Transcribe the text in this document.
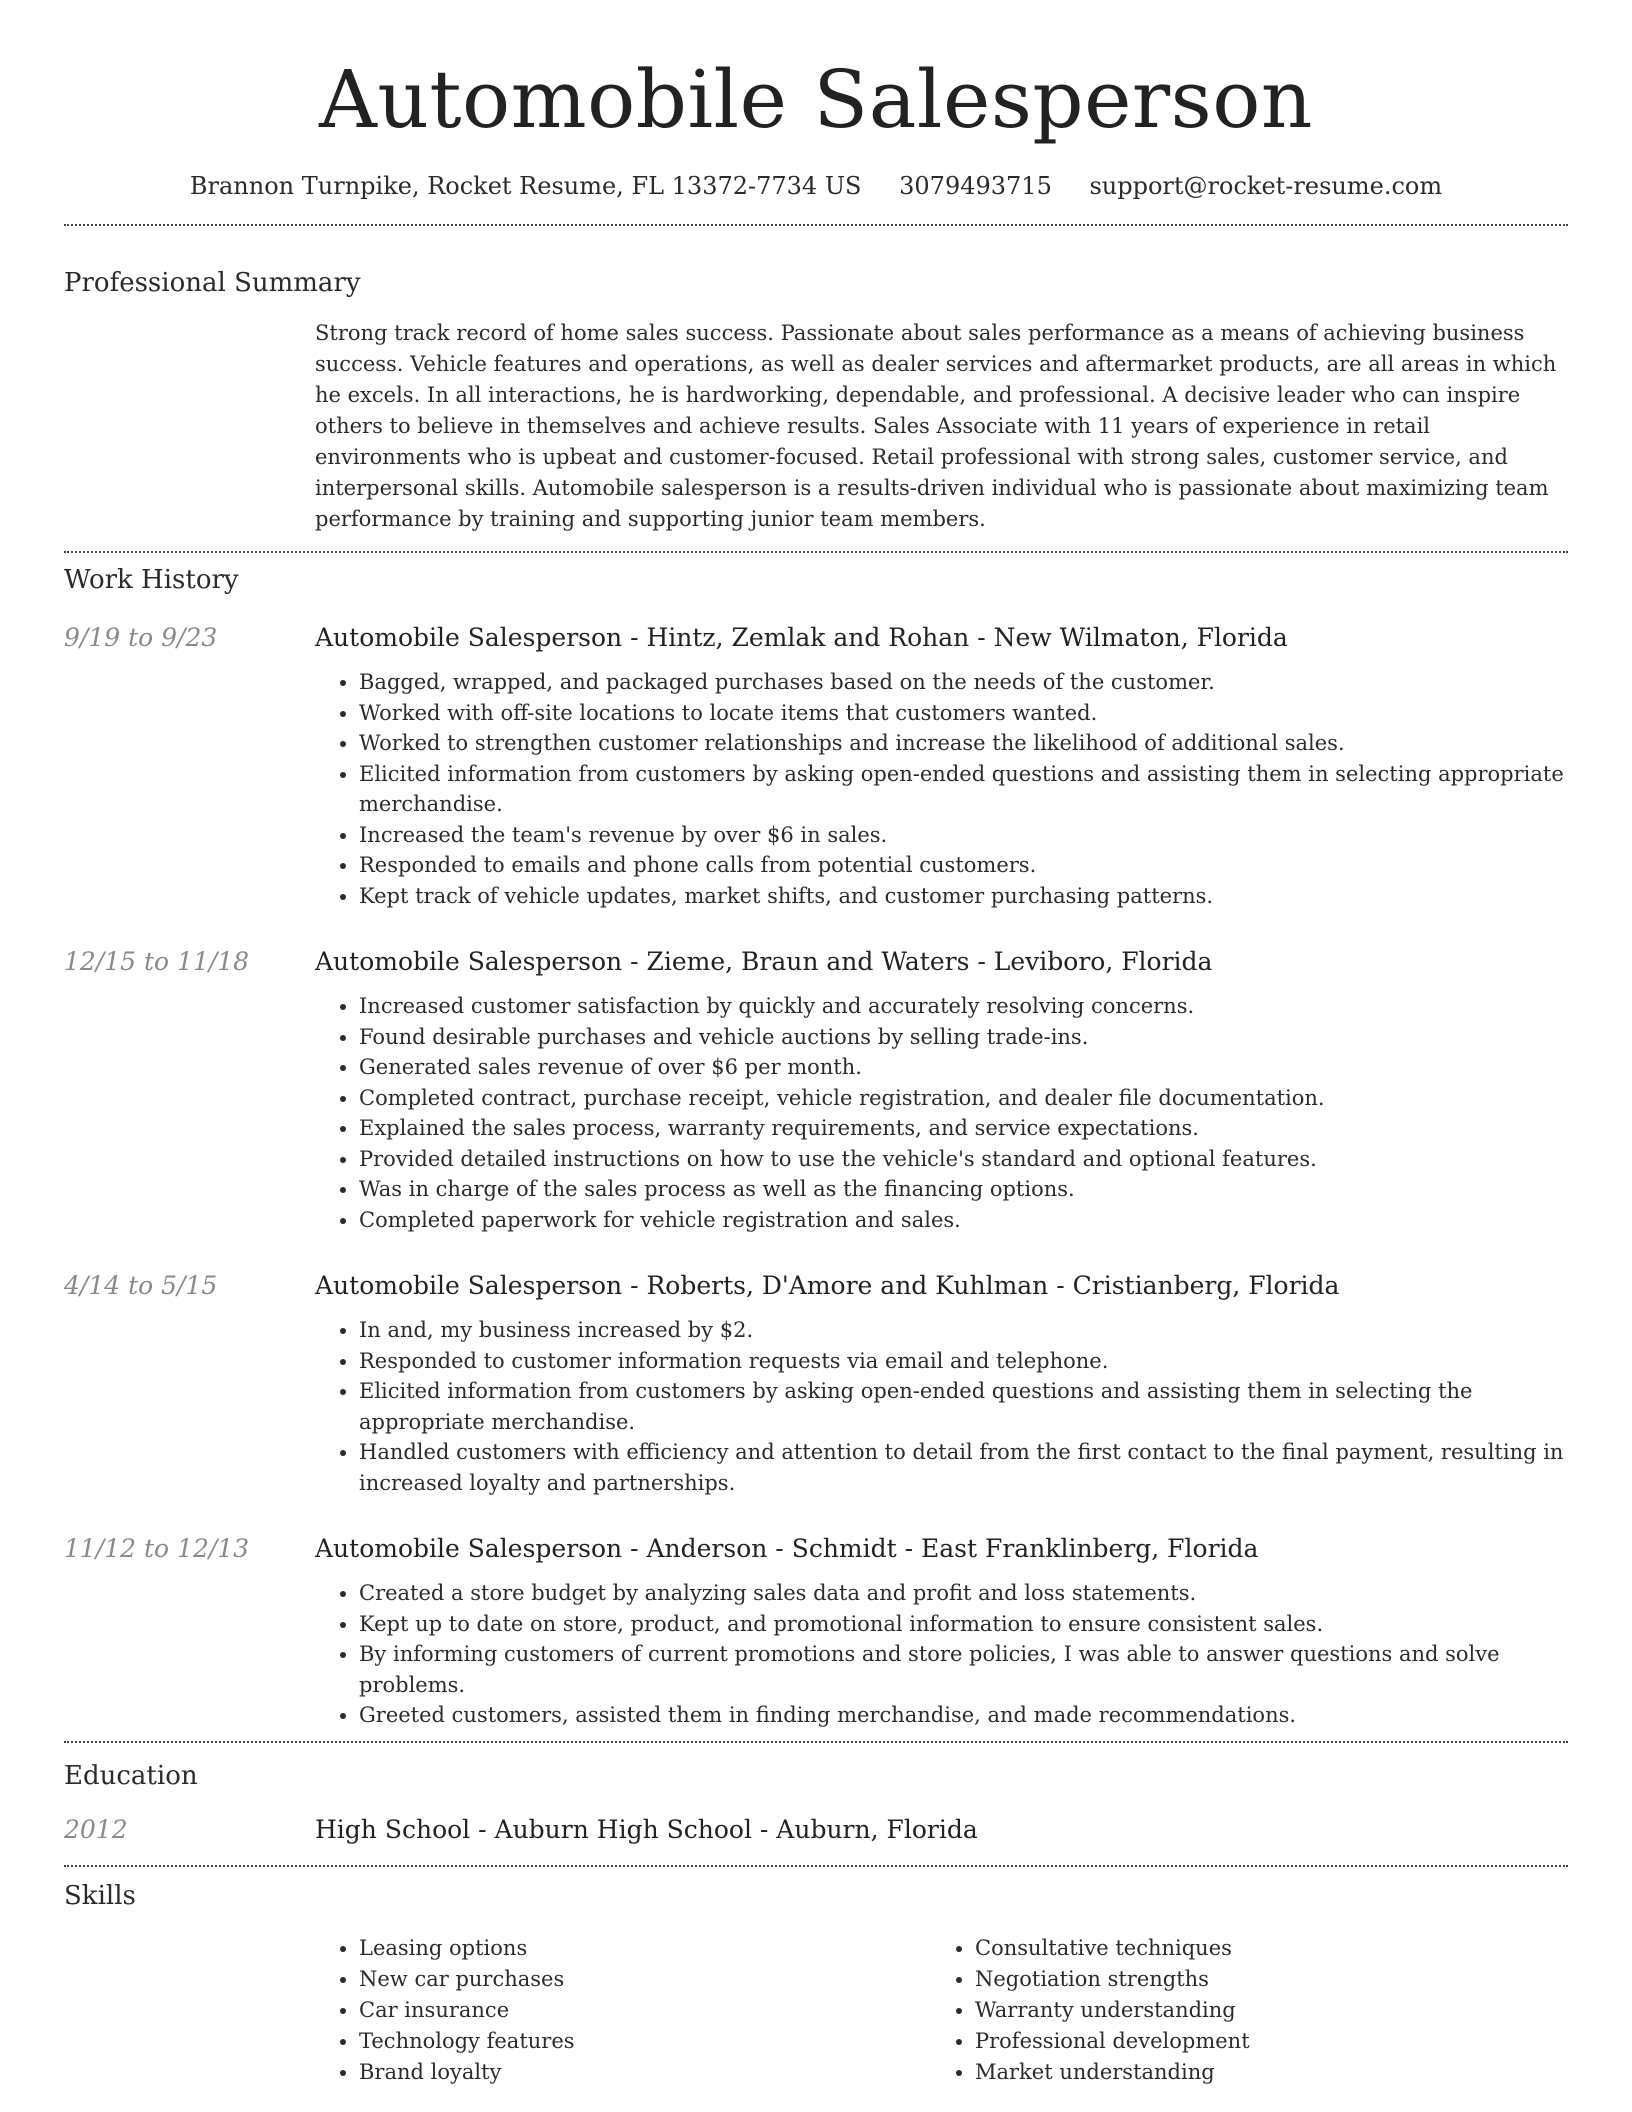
Automobile Salesperson
Brannon Turnpike, Rocket Resume, FL 13372-7734 US 3079493715 support@rocket-resume.com
Professional Summary
Strong track record of home sales success. Passionate about sales performance as a means of achieving business success. Vehicle features and operations, as well as dealer services and aftermarket products, are all areas in which he excels. In all interactions, he is hardworking, dependable, and professional. A decisive leader who can inspire others to believe in themselves and achieve results. Sales Associate with 11 years of experience in retail environments who is upbeat and customer-focused. Retail professional with strong sales, customer service, and interpersonal skills. Automobile salesperson is a results-driven individual who is passionate about maximizing team performance by training and supporting junior team members.
Work History
9/19 to 9/23	Automobile Salesperson - Hintz, Zemlak and Rohan - New Wilmaton, Florida
• Bagged, wrapped, and packaged purchases based on the needs of the customer.
• Worked with off-site locations to locate items that customers wanted.
• Worked to strengthen customer relationships and increase the likelihood of additional sales.
• Elicited information from customers by asking open-ended questions and assisting them in selecting appropriate merchandise.
• Increased the team's revenue by over $6 in sales.
• Responded to emails and phone calls from potential customers.
• Kept track of vehicle updates, market shifts, and customer purchasing patterns.
12/15 to 11/18	Automobile Salesperson - Zieme, Braun and Waters - Leviboro, Florida
• Increased customer satisfaction by quickly and accurately resolving concerns.
• Found desirable purchases and vehicle auctions by selling trade-ins.
• Generated sales revenue of over $6 per month.
• Completed contract, purchase receipt, vehicle registration, and dealer file documentation.
• Explained the sales process, warranty requirements, and service expectations.
• Provided detailed instructions on how to use the vehicle's standard and optional features.
• Was in charge of the sales process as well as the financing options.
• Completed paperwork for vehicle registration and sales.
4/14 to 5/15	Automobile Salesperson - Roberts, D'Amore and Kuhlman - Cristianberg, Florida
• In and, my business increased by $2.
• Responded to customer information requests via email and telephone.
• Elicited information from customers by asking open-ended questions and assisting them in selecting the appropriate merchandise.
• Handled customers with efficiency and attention to detail from the first contact to the final payment, resulting in increased loyalty and partnerships.
11/12 to 12/13	Automobile Salesperson - Anderson - Schmidt - East Franklinberg, Florida
• Created a store budget by analyzing sales data and profit and loss statements.
• Kept up to date on store, product, and promotional information to ensure consistent sales.
• By informing customers of current promotions and store policies, I was able to answer questions and solve problems.
• Greeted customers, assisted them in finding merchandise, and made recommendations.
Education
2012	High School - Auburn High School - Auburn, Florida
Skills
• Leasing options
• New car purchases
• Car insurance
• Technology features
• Brand loyalty
• Consultative techniques
• Negotiation strengths
• Warranty understanding
• Professional development
• Market understanding
